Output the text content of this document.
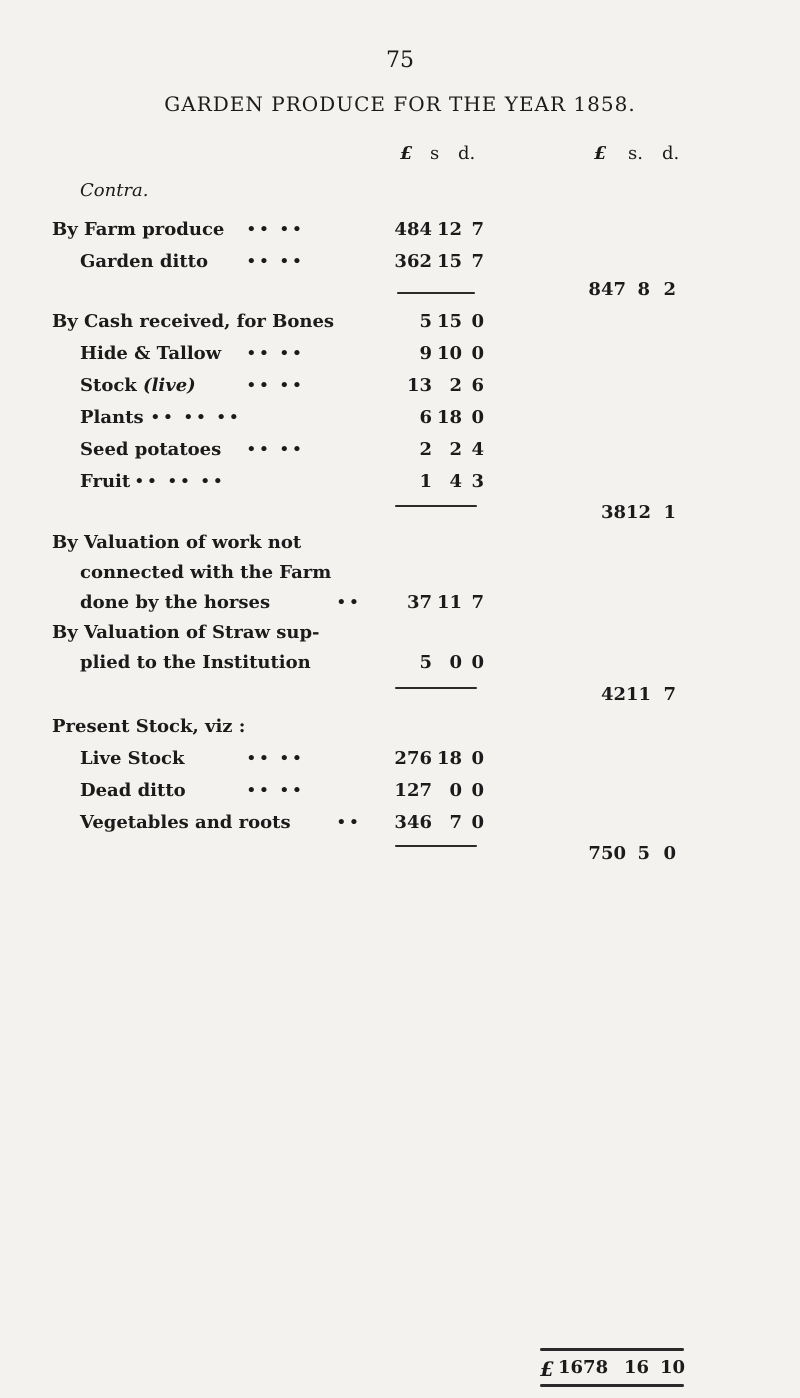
75
GARDEN PRODUCE FOR THE YEAR 1858.
£ s d.	£ s. d.
Contra.
By Farm produce •• ••	484 12 7
Garden ditto •• ••	362 15 7
847 8 2
By Cash received, for Bones	5 15 0
Hide & Tallow •• ••	9 10 0
Stock (live)	•• ••	13 2 6
Plants •• •• ••	6 18 0
Seed potatoes •• ••	2 2 4
Fruit •• •• ••	1 4 3
38 12 1
By Valuation of work not
connected with the Farm
done by the horses	••	37 11 7
By Valuation of Straw sup-
plied to the Institution	5 0 0
42 11 7
Present Stock, viz :
Live Stock	•• ••	276 18 0
Dead ditto	•• ••	127 0 0
Vegetables and roots	••	346 7 0
750 5 0
£ 1678 16 10
